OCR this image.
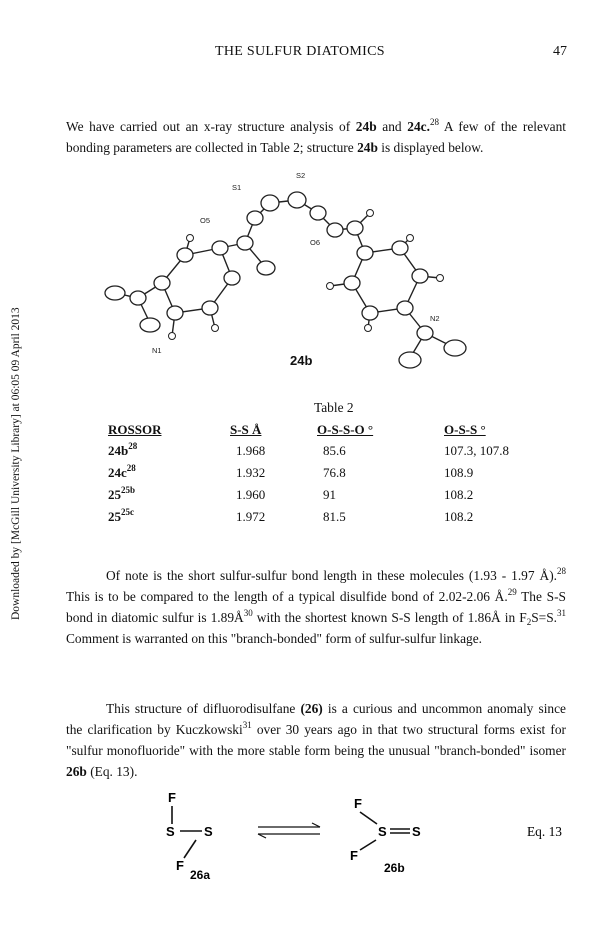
Downloaded by [McGill University Library] at 06:05 09 April 2013
THE SULFUR DIATOMICS	47

We have carried out an x-ray structure analysis of 24b and 24c.$^{28}$ A few of the relevant bonding parameters are collected in Table 2; structure 24b is displayed below.

S1
S2
O5
O6
N1
N2
24b
Table 2
ROSSOR	S-S Å	O-S-S-O °	O-S-S °
$24b^{28}$	1.968	85.6	107.3, 107.8
$24c^{28}$	1.932	76.8	108.9
$25^{25b}$	1.960	91	108.2
$25^{25c}$	1.972	81.5	108.2

Of note is the short sulfur-sulfur bond length in these molecules (1.93 - 1.97 Å).$^{28}$ This is to be compared to the length of a typical disulfide bond of 2.02-2.06 Å.$^{29}$ The S-S bond in diatomic sulfur is $1.89Å^{30}$ with the shortest known S-S length of 1.86Å in $F_2S=S.^{31}$ Comment is warranted on this "branch-bonded" form of sulfur-sulfur linkage.

This structure of difluorodisulfane (26) is a curious and uncommon anomaly since the clarification by Kuczkowski$^{31}$ over 30 years ago in that two structural forms exist for "sulfur monofluoride" with the more stable form being the unusual "branch-bonded" isomer 26b (Eq. 13).

F
S S
F
26a
F
S S
F
26b
Eq. 13
